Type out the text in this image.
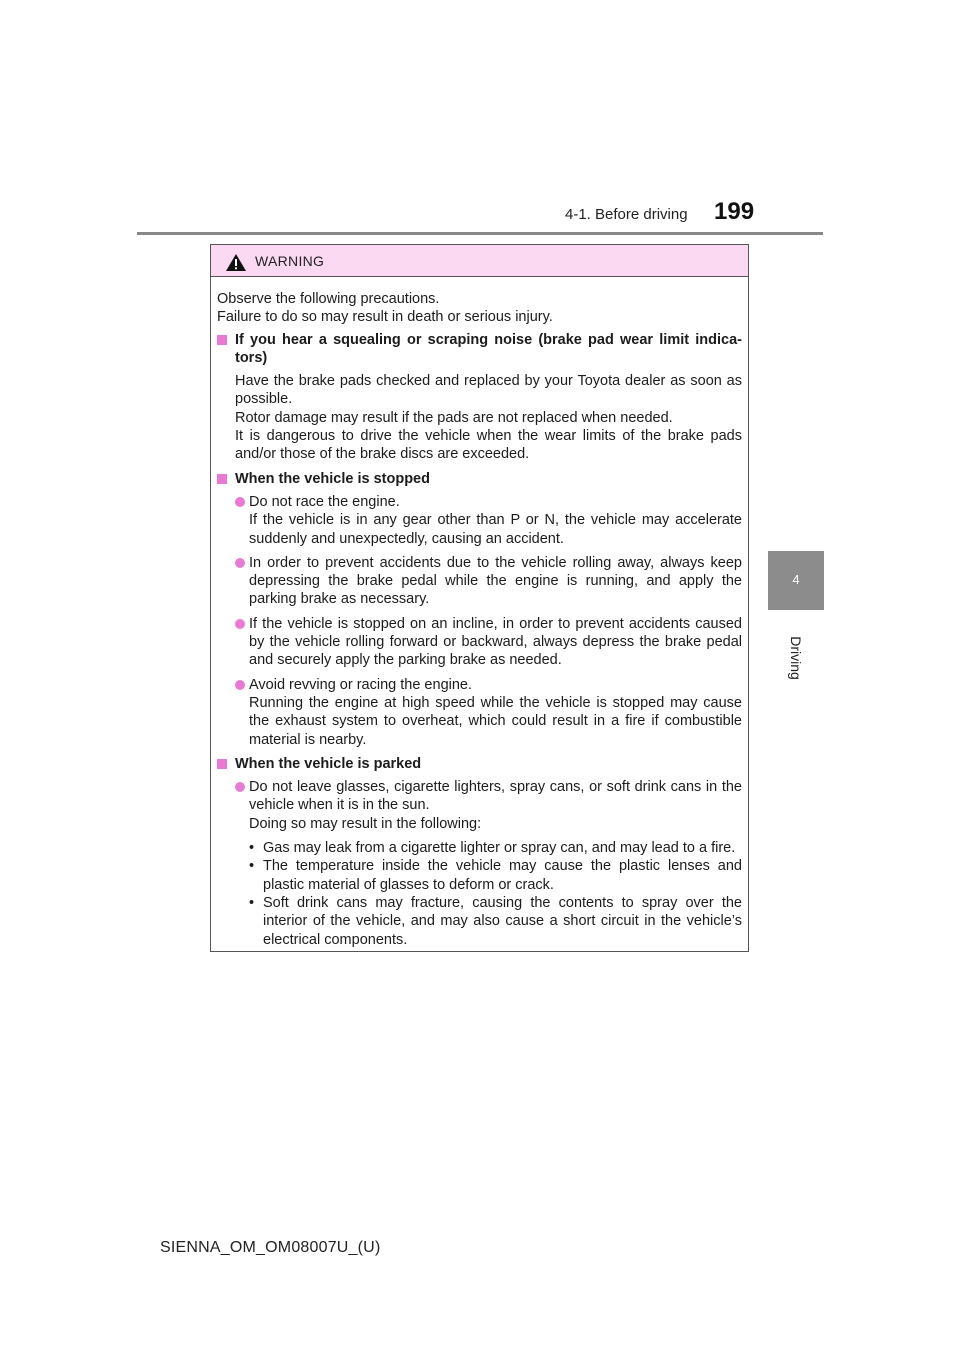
4-1. Before driving 199
4
Driving
WARNING

Observe the following precautions.

Failure to do so may result in death or serious injury.

If you hear a squealing or scraping noise (brake pad wear limit indica-tors)

Have the brake pads checked and replaced by your Toyota dealer as soon as possible.

Rotor damage may result if the pads are not replaced when needed.

It is dangerous to drive the vehicle when the wear limits of the brake pads and/or those of the brake discs are exceeded.

When the vehicle is stopped

Do not race the engine.

If the vehicle is in any gear other than P or N, the vehicle may accelerate suddenly and unexpectedly, causing an accident.

In order to prevent accidents due to the vehicle rolling away, always keep depressing the brake pedal while the engine is running, and apply the parking brake as necessary.

If the vehicle is stopped on an incline, in order to prevent accidents caused by the vehicle rolling forward or backward, always depress the brake pedal and securely apply the parking brake as needed.

Avoid revving or racing the engine.

Running the engine at high speed while the vehicle is stopped may cause the exhaust system to overheat, which could result in a fire if combustible material is nearby.

When the vehicle is parked

Do not leave glasses, cigarette lighters, spray cans, or soft drink cans in the vehicle when it is in the sun.

Doing so may result in the following:

• Gas may leak from a cigarette lighter or spray can, and may lead to a fire.
• The temperature inside the vehicle may cause the plastic lenses and plastic material of glasses to deform or crack.
• Soft drink cans may fracture, causing the contents to spray over the interior of the vehicle, and may also cause a short circuit in the vehicle’s electrical components.
SIENNA_OM_OM08007U_(U)
